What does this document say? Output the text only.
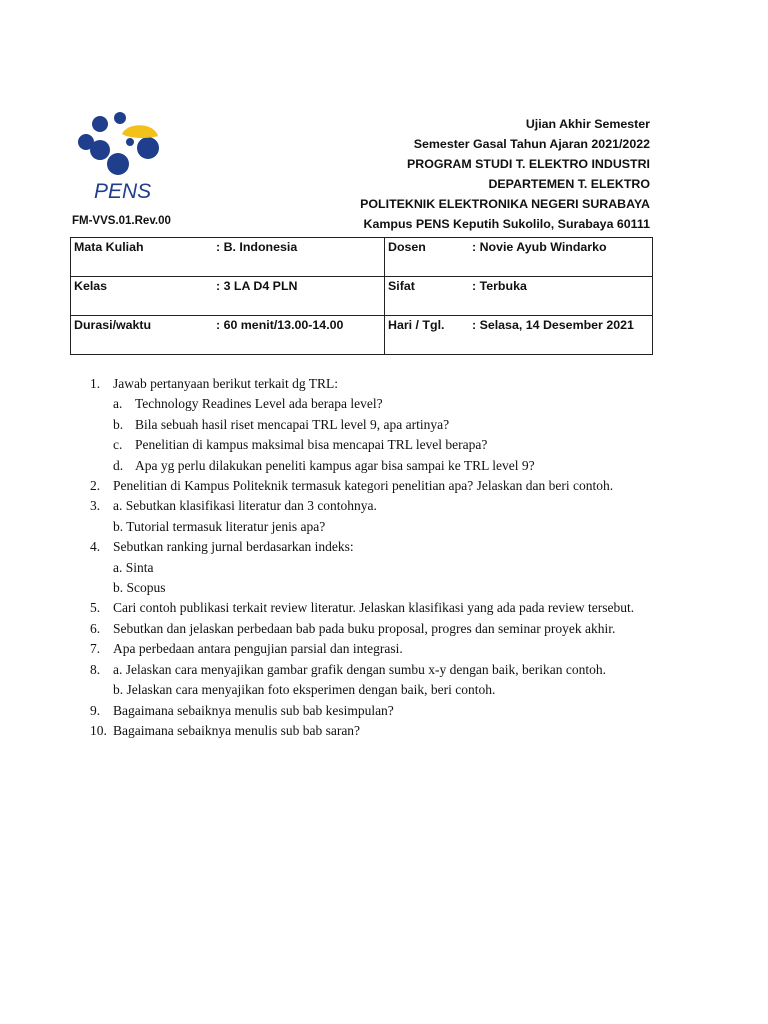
PENS
FM-VVS.01.Rev.00
Ujian Akhir Semester
Semester Gasal Tahun Ajaran 2021/2022
PROGRAM STUDI T. ELEKTRO INDUSTRI
DEPARTEMEN T. ELEKTRO
POLITEKNIK ELEKTRONIKA NEGERI SURABAYA
Kampus PENS Keputih Sukolilo, Surabaya 60111
Mata Kuliah : B. Indonesia	Dosen : Novie Ayub Windarko
Kelas : 3 LA D4 PLN	Sifat : Terbuka
Durasi/waktu : 60 menit/13.00-14.00	Hari / Tgl. : Selasa, 14 Desember 2021
1. Jawab pertanyaan berikut terkait dg TRL:
a. Technology Readines Level ada berapa level?
b. Bila sebuah hasil riset mencapai TRL level 9, apa artinya?
c. Penelitian di kampus maksimal bisa mencapai TRL level berapa?
d. Apa yg perlu dilakukan peneliti kampus agar bisa sampai ke TRL level 9?
2. Penelitian di Kampus Politeknik termasuk kategori penelitian apa? Jelaskan dan beri contoh.
3. a. Sebutkan klasifikasi literatur dan 3 contohnya.
b. Tutorial termasuk literatur jenis apa?
4. Sebutkan ranking jurnal berdasarkan indeks:
a. Sinta
b. Scopus
5. Cari contoh publikasi terkait review literatur. Jelaskan klasifikasi yang ada pada review tersebut.
6. Sebutkan dan jelaskan perbedaan bab pada buku proposal, progres dan seminar proyek akhir.
7. Apa perbedaan antara pengujian parsial dan integrasi.
8. a. Jelaskan cara menyajikan gambar grafik dengan sumbu x-y dengan baik, berikan contoh.
b. Jelaskan cara menyajikan foto eksperimen dengan baik, beri contoh.
9. Bagaimana sebaiknya menulis sub bab kesimpulan?
10. Bagaimana sebaiknya menulis sub bab saran?
